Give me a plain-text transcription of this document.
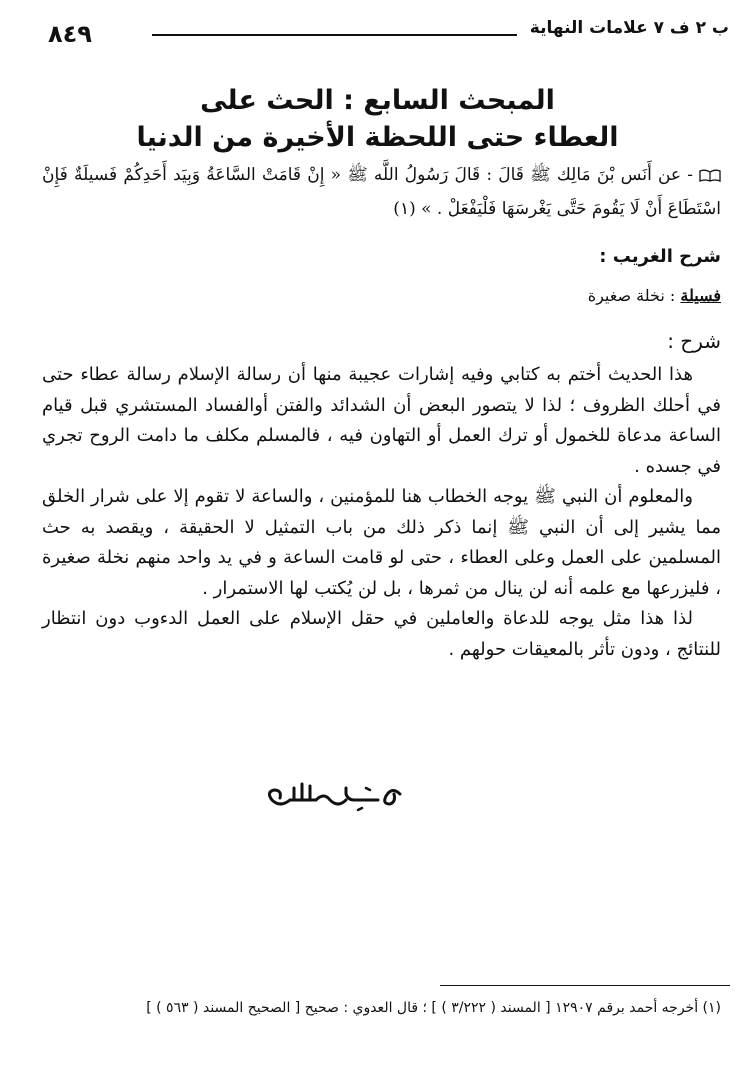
ب ٢ ف ٧ علامات النهاية
٨٤٩
المبحث السابع : الحث على
العطاء حتى اللحظة الأخيرة من الدنيا
- عن أَنَس بْنَ مَالِك ﷺ قَالَ : قَالَ رَسُولُ اللَّه ﷺ « إِنْ قَامَتْ السَّاعَةُ وَبِيَد أَحَدِكُمْ فَسيلَةٌ فَإِنْ اسْتَطَاعَ أَنْ لَا يَقُومَ حَتَّى يَغْرسَهَا فَلْيَفْعَلْ . » (١)
شرح الغريب :
فسيلة : نخلة صغيرة
شرح :

هذا الحديث أختم به كتابي وفيه إشارات عجيبة منها أن رسالة الإسلام رسالة عطاء حتى في أحلك الظروف ؛ لذا لا يتصور البعض أن الشدائد والفتن أوالفساد المستشري قبل قيام الساعة مدعاة للخمول أو ترك العمل أو التهاون فيه ، فالمسلم مكلف ما دامت الروح تجري في جسده .

والمعلوم أن النبي ﷺ يوجه الخطاب هنا للمؤمنين ، والساعة لا تقوم إلا على شرار الخلق مما يشير إلى أن النبي ﷺ إنما ذكر ذلك من باب التمثيل لا الحقيقة ، ويقصد به حث المسلمين على العمل وعلى العطاء ، حتى لو قامت الساعة و في يد واحد منهم نخلة صغيرة ، فليزرعها مع علمه أنه لن ينال من ثمرها ، بل لن يُكتب لها الاستمرار .

لذا هذا مثل يوجه للدعاة والعاملين في حقل الإسلام على العمل الدءوب دون انتظار للنتائج ، ودون تأثر بالمعيقات حولهم .

(١) أخرجه أحمد برقم ١٢٩٠٧ [ المسند ( ٣/٢٢٢ ) ] ؛ قال العدوي : صحيح [ الصحيح المسند ( ٥٦٣ ) ]
